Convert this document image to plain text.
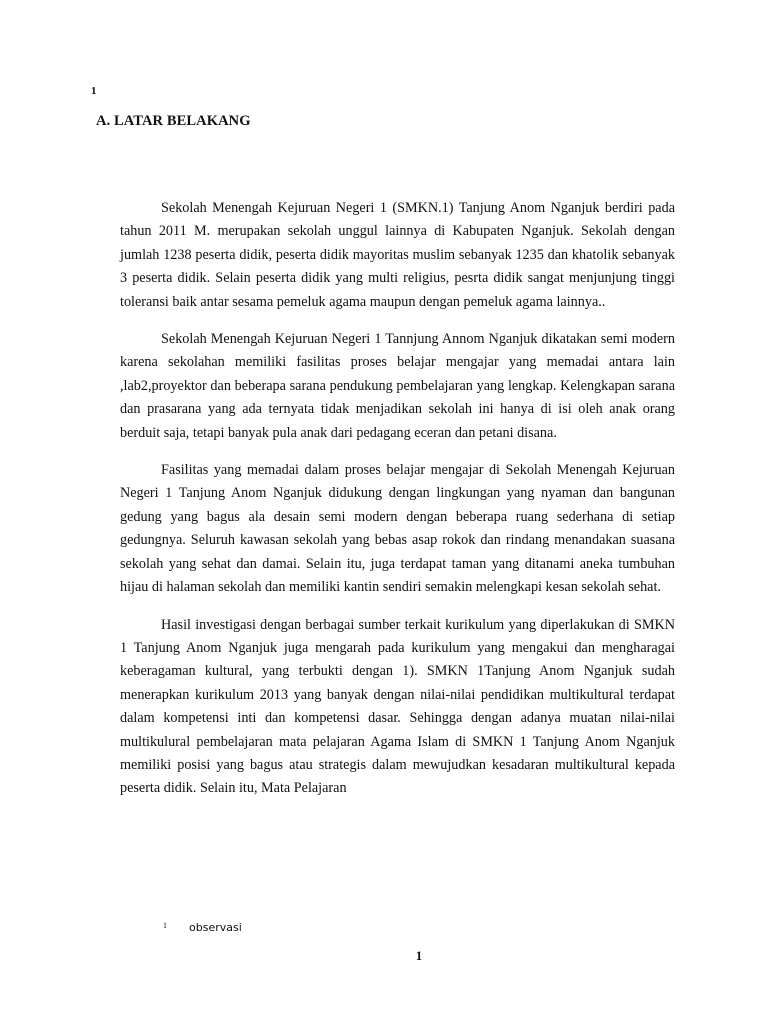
1
A. LATAR BELAKANG

Sekolah Menengah Kejuruan Negeri 1 (SMKN.1) Tanjung Anom Nganjuk berdiri pada tahun 2011 M. merupakan sekolah unggul lainnya di Kabupaten Nganjuk. Sekolah dengan jumlah 1238 peserta didik, peserta didik mayoritas muslim sebanyak 1235 dan khatolik sebanyak 3 peserta didik. Selain peserta didik yang multi religius, pesrta didik sangat menjunjung tinggi toleransi baik antar sesama pemeluk agama maupun dengan pemeluk agama lainnya..

Sekolah Menengah Kejuruan Negeri 1 Tannjung Annom Nganjuk dikatakan semi modern karena sekolahan memiliki fasilitas proses belajar mengajar yang memadai antara lain ,lab2,proyektor dan beberapa sarana pendukung pembelajaran yang lengkap. Kelengkapan sarana dan prasarana yang ada ternyata tidak menjadikan sekolah ini hanya di isi oleh anak orang berduit saja, tetapi banyak pula anak dari pedagang eceran dan petani disana.

Fasilitas yang memadai dalam proses belajar mengajar di Sekolah Menengah Kejuruan Negeri 1 Tanjung Anom Nganjuk didukung dengan lingkungan yang nyaman dan bangunan gedung yang bagus ala desain semi modern dengan beberapa ruang sederhana di setiap gedungnya. Seluruh kawasan sekolah yang bebas asap rokok dan rindang menandakan suasana sekolah yang sehat dan damai. Selain itu, juga terdapat taman yang ditanami aneka tumbuhan hijau di halaman sekolah dan memiliki kantin sendiri semakin melengkapi kesan sekolah sehat.

Hasil investigasi dengan berbagai sumber terkait kurikulum yang diperlakukan di SMKN 1 Tanjung Anom Nganjuk juga mengarah pada kurikulum yang mengakui dan mengharagai keberagaman kultural, yang terbukti dengan 1). SMKN 1Tanjung Anom Nganjuk sudah menerapkan kurikulum 2013 yang banyak dengan nilai-nilai pendidikan multikultural terdapat dalam kompetensi inti dan kompetensi dasar. Sehingga dengan adanya muatan nilai-nilai multikulural pembelajaran mata pelajaran Agama Islam di SMKN 1 Tanjung Anom Nganjuk memiliki posisi yang bagus atau strategis dalam mewujudkan kesadaran multikultural kepada peserta didik. Selain itu, Mata Pelajaran

1 observasi
1
